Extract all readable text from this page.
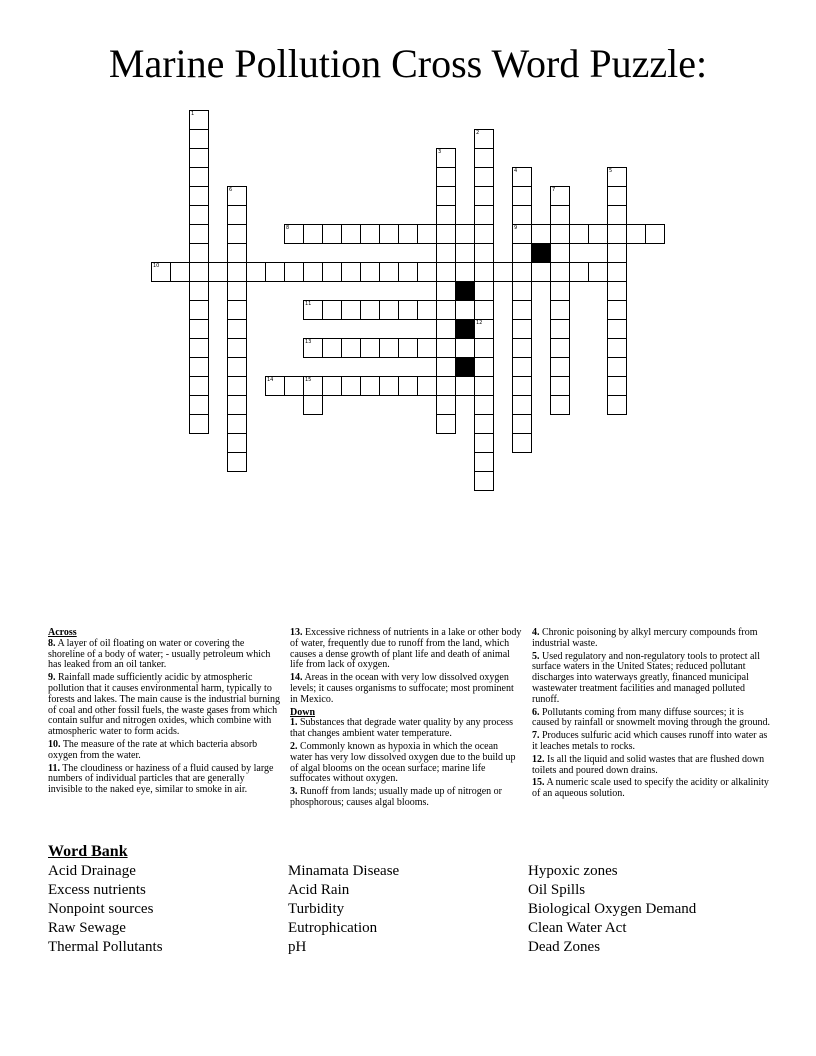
Marine Pollution Cross Word Puzzle:
1
2
12
3
4
9
5
6	7
15
8
10
11
13
14

Across

8. A layer of oil floating on water or covering the shoreline of a body of water; - usually petroleum which has leaked from an oil tanker.

9. Rainfall made sufficiently acidic by atmospheric pollution that it causes environmental harm, typically to forests and lakes. The main cause is the industrial burning of coal and other fossil fuels, the waste gases from which contain sulfur and nitrogen oxides, which combine with atmospheric water to form acids.

10. The measure of the rate at which bacteria absorb oxygen from the water.

11. The cloudiness or haziness of a fluid caused by large numbers of individual particles that are generally invisible to the naked eye, similar to smoke in air.

13. Excessive richness of nutrients in a lake or other body of water, frequently due to runoff from the land, which causes a dense growth of plant life and death of animal life from lack of oxygen.

14. Areas in the ocean with very low dissolved oxygen levels; it causes organisms to suffocate; most prominent in Mexico.

Down

1. Substances that degrade water quality by any process that changes ambient water temperature.

2. Commonly known as hypoxia in which the ocean water has very low dissolved oxygen due to the build up of algal blooms on the ocean surface; marine life suffocates without oxygen.

3. Runoff from lands; usually made up of nitrogen or phosphorous; causes algal blooms.

4. Chronic poisoning by alkyl mercury compounds from industrial waste.

5. Used regulatory and non-regulatory tools to protect all surface waters in the United States; reduced pollutant discharges into waterways greatly, financed municipal wastewater treatment facilities and managed polluted runoff.

6. Pollutants coming from many diffuse sources; it is caused by rainfall or snowmelt moving through the ground.

7. Produces sulfuric acid which causes runoff into water as it leaches metals to rocks.

12. Is all the liquid and solid wastes that are flushed down toilets and poured down drains.

15. A numeric scale used to specify the acidity or alkalinity of an aqueous solution.

Word Bank
Acid Drainage
Excess nutrients
Nonpoint sources
Raw Sewage
Thermal Pollutants
Minamata Disease
Acid Rain
Turbidity
Eutrophication
pH
Hypoxic zones
Oil Spills
Biological Oxygen Demand
Clean Water Act
Dead Zones
